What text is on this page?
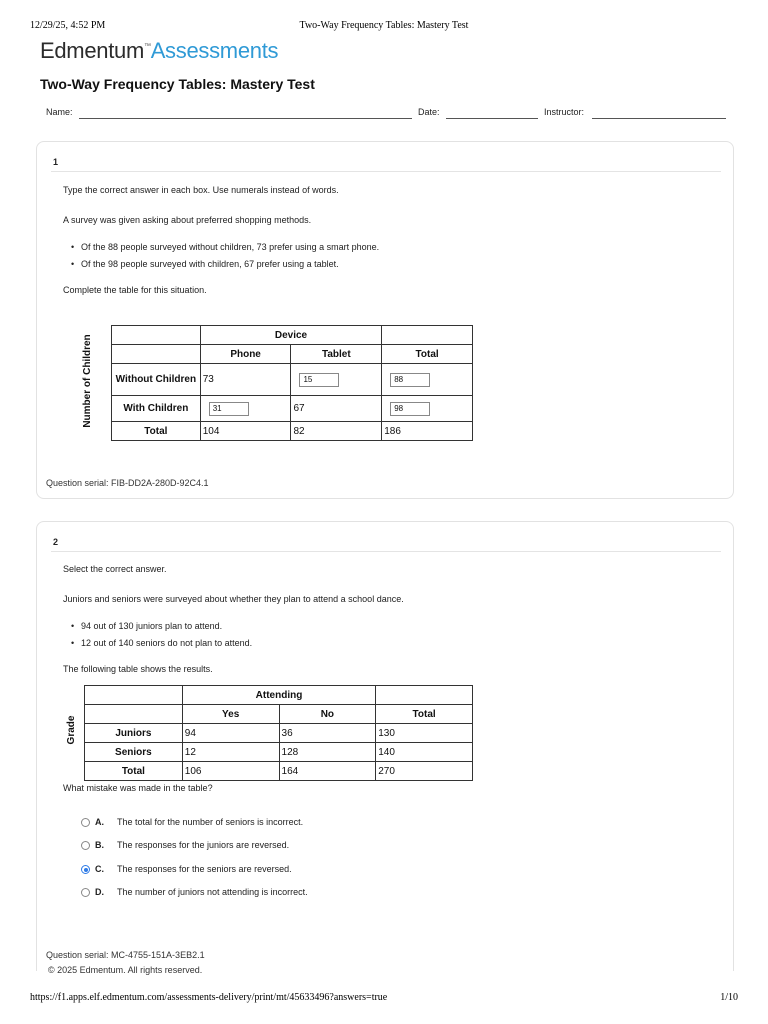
12/29/25, 4:52 PM	Two-Way Frequency Tables: Mastery Test
Edmentum™Assessments
Two-Way Frequency Tables: Mastery Test
Name:	Date:	Instructor:
1
Type the correct answer in each box. Use numerals instead of words.
A survey was given asking about preferred shopping methods.
• Of the 88 people surveyed without children, 73 prefer using a smart phone.
• Of the 98 people surveyed with children, 67 prefer using a tablet.
Complete the table for this situation.
Number of Children
		Device		
	Phone	Tablet	Total
Without Children	73	15	88
With Children	31	67	98
Total	104	82	186
Question serial: FIB-DD2A-280D-92C4.1
2
Select the correct answer.
Juniors and seniors were surveyed about whether they plan to attend a school dance.
• 94 out of 130 juniors plan to attend.
• 12 out of 140 seniors do not plan to attend.
The following table shows the results.
Grade
	Attending		
	Yes	No	Total
Juniors	94	36	130
Seniors	12	128	140
Total	106	164	270
What mistake was made in the table?
A. The total for the number of seniors is incorrect.
B. The responses for the juniors are reversed.
C. The responses for the seniors are reversed.
D. The number of juniors not attending is incorrect.
Question serial: MC-4755-151A-3EB2.1
© 2025 Edmentum. All rights reserved.
https://f1.apps.elf.edmentum.com/assessments-delivery/print/mt/45633496?answers=true	1/10
